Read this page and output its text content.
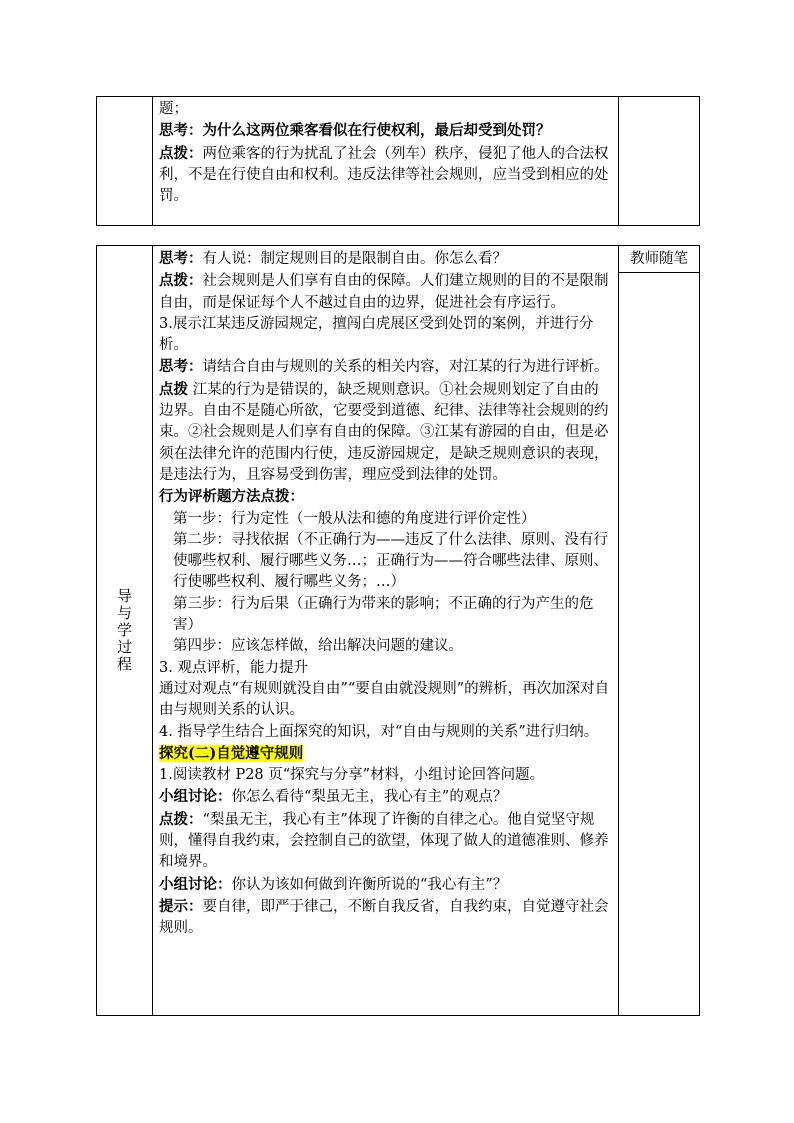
题；

思考：为什么这两位乘客看似在行使权利，最后却受到处罚？

点拨：两位乘客的行为扰乱了社会（列车）秩序，侵犯了他人的合法权利，不是在行使自由和权利。违反法律等社会规则，应当受到相应的处罚。

导与学过程

思考：有人说：制定规则目的是限制自由。你怎么看？

点拨：社会规则是人们享有自由的保障。人们建立规则的目的不是限制自由，而是保证每个人不越过自由的边界，促进社会有序运行。

3.展示江某违反游园规定，擅闯白虎展区受到处罚的案例，并进行分析。

思考：请结合自由与规则的关系的相关内容，对江某的行为进行评析。

点拨 江某的行为是错误的，缺乏规则意识。①社会规则划定了自由的边界。自由不是随心所欲，它要受到道德、纪律、法律等社会规则的约束。②社会规则是人们享有自由的保障。③江某有游园的自由，但是必须在法律允许的范围内行使，违反游园规定，是缺乏规则意识的表现，是违法行为，且容易受到伤害，理应受到法律的处罚。

行为评析题方法点拨：

第一步：行为定性（一般从法和德的角度进行评价定性）

第二步：寻找依据（不正确行为——违反了什么法律、原则、没有行使哪些权利、履行哪些义务…；正确行为——符合哪些法律、原则、行使哪些权利、履行哪些义务；…）

第三步：行为后果（正确行为带来的影响；不正确的行为产生的危害）

第四步：应该怎样做，给出解决问题的建议。

3. 观点评析，能力提升

通过对观点“有规则就没自由”“要自由就没规则”的辨析，再次加深对自由与规则关系的认识。

4. 指导学生结合上面探究的知识，对“自由与规则的关系”进行归纳。

探究(二)自觉遵守规则

1.阅读教材 P28 页“探究与分享”材料，小组讨论回答问题。

小组讨论：你怎么看待“梨虽无主，我心有主”的观点？

点拨：“梨虽无主，我心有主”体现了许衡的自律之心。他自觉坚守规则，懂得自我约束，会控制自己的欲望，体现了做人的道德准则、修养和境界。

小组讨论：你认为该如何做到许衡所说的“我心有主”？

提示：要自律，即严于律己，不断自我反省，自我约束，自觉遵守社会规则。

教师随笔
